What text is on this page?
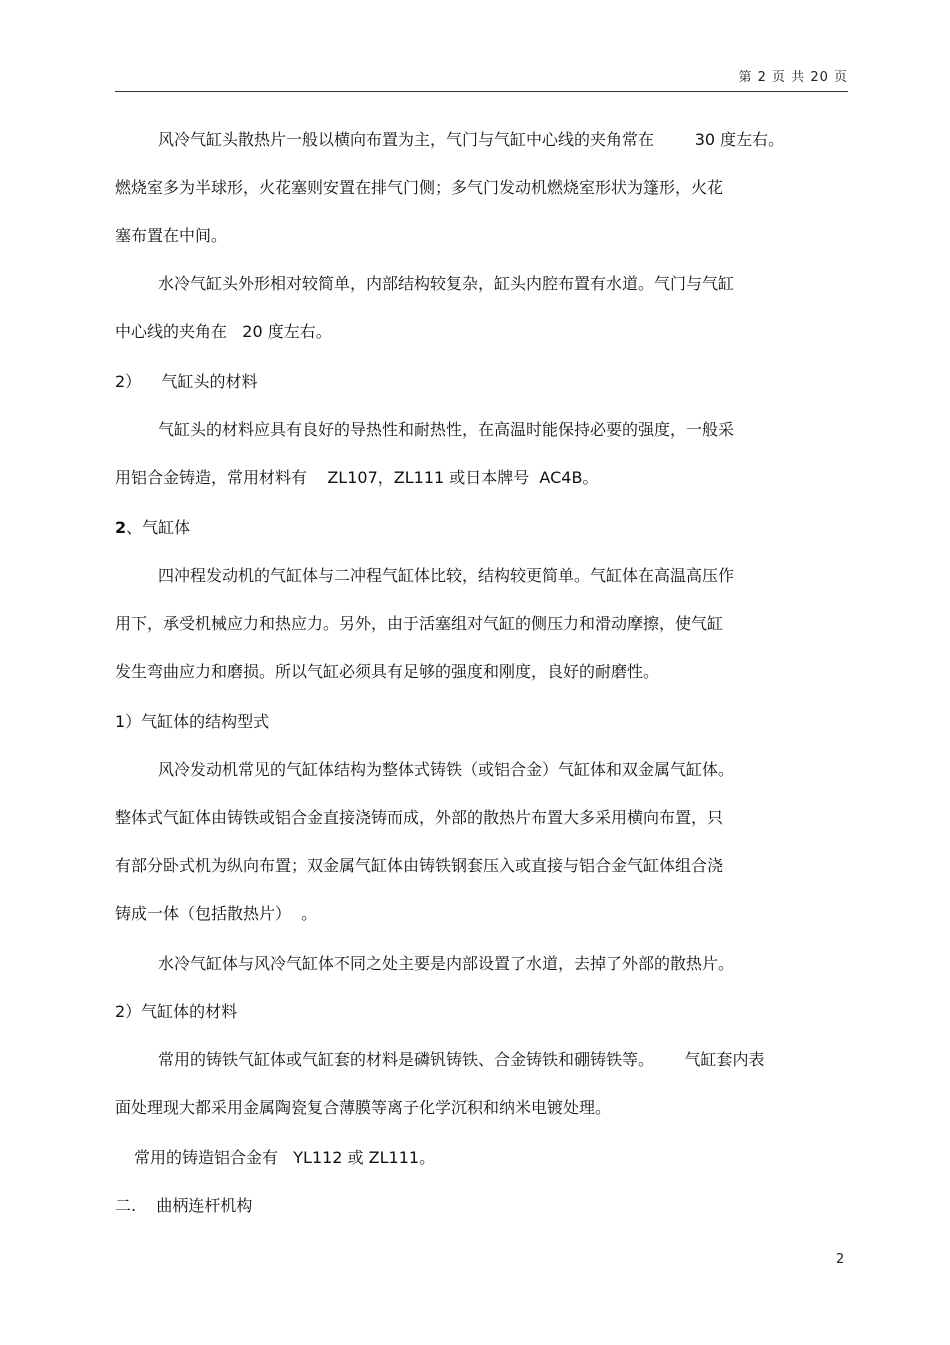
第 2 页 共 20 页
风冷气缸头散热片一般以横向布置为主，气门与气缸中心线的夹角常在        30 度左右。
燃烧室多为半球形，火花塞则安置在排气门侧；多气门发动机燃烧室形状为篷形，火花
塞布置在中间。
水冷气缸头外形相对较简单，内部结构较复杂，缸头内腔布置有水道。气门与气缸
中心线的夹角在   20 度左右。
2）    气缸头的材料
气缸头的材料应具有良好的导热性和耐热性，在高温时能保持必要的强度，一般采
用铝合金铸造，常用材料有    ZL107，ZL111 或日本牌号  AC4B。
2、气缸体
四冲程发动机的气缸体与二冲程气缸体比较，结构较更简单。气缸体在高温高压作
用下，承受机械应力和热应力。另外，由于活塞组对气缸的侧压力和滑动摩擦，使气缸
发生弯曲应力和磨损。所以气缸必须具有足够的强度和刚度，良好的耐磨性。
1）气缸体的结构型式
风冷发动机常见的气缸体结构为整体式铸铁（或铝合金）气缸体和双金属气缸体。
整体式气缸体由铸铁或铝合金直接浇铸而成，外部的散热片布置大多采用横向布置，只
有部分卧式机为纵向布置；双金属气缸体由铸铁钢套压入或直接与铝合金气缸体组合浇
铸成一体（包括散热片）  。
水冷气缸体与风冷气缸体不同之处主要是内部设置了水道，去掉了外部的散热片。
2）气缸体的材料
常用的铸铁气缸体或气缸套的材料是磷钒铸铁、合金铸铁和硼铸铁等。      气缸套内表
面处理现大都采用金属陶瓷复合薄膜等离子化学沉积和纳米电镀处理。
常用的铸造铝合金有   YL112 或 ZL111。
二.    曲柄连杆机构
2
